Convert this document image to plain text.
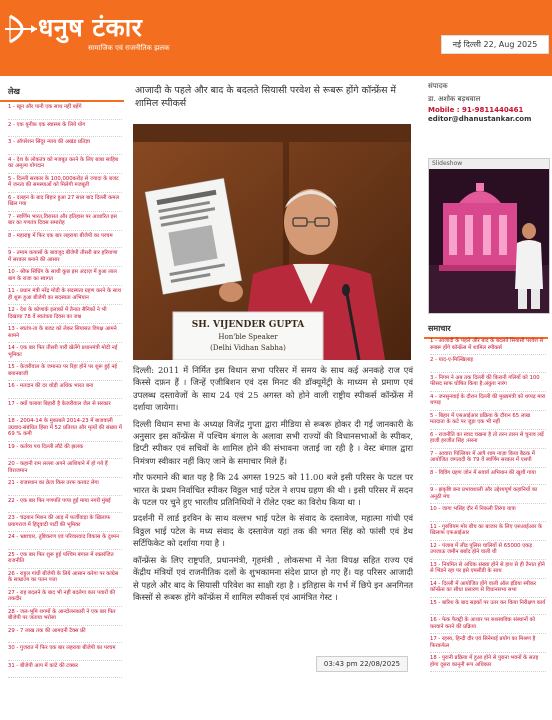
धनुष टंकार
सामाजिक एवं राजनीतिक झलक	नई दिल्ली 22, Aug 2025
लेख
1 - खून और पानी एक साथ नहीं बहेंगे
2 - एक यूनीफ़ एक स्वास्थ्य के लिये योग
3 - ऑपरेशन सिंदूर न्याय की अखंड प्रतिज्ञा
4 - देश के लोकतंत्र को मजबूत करने के लिए बाबा साहिब का अमूल्य योगदान
5 - दिल्ली सरकार के 100,000करोड़ से ज्यादा के बजट में जनता की समस्याओं को मिलेगी मजबूती
6 - दलहन के बाद बिहार हुआ 27 साल बाद दिल्ली कमल खिल गया
7 - स्वर्णिम भारत,विरासत और इतिहास पर आधारित इस बार का गणतंत्र दिवस समारोह
8 - महाराष्ट्र में फिर एक बार लहराया बीजेपी का परचम
9 - तमाम कयासों के बावजूद बीजेपी तीसरी बार हरियाणा में सरकार बनाने की आसार
10 - श्रीफ़ सिंधिंग के साथी कुछ इस अंदाज़ में हुआ लाल बाग के राजा का स्वागत
11 - प्रधान मंत्री नरेंद्र मोदी के सदस्यता ग्रहण करने के साथ ही शुरू हुआ बीजेपी का सदस्यता अभियान
12 - देश के कोणार्क इलाकों में तैनात सैनिकों ने भी दिखाया 78 वें स्वतंत्रता दिवस का जश्न
13 - स्वतंत्र-ता के बजट को लेकर सियासत विपक्ष आमने सामने
14 - एक बार फिर तीसरी पारी खेलेंगे प्रधानमंत्री मोदी नई भूमिका
15 - केजरीवाल के जमानत पर रिहा होने पर शुरू हुई नई बयानबाजी
16 - मतदान की दर थोड़ी अधिक भारत बना
17 - क्यों चलाया बिहारी है केजरीवाल जेल से सरकार
18 - 2004-14 के मुकाबले 2014-23 में बाजवाली उग्रवाद-संबंधित हिंसा में 52 प्रतिशत और मृत्यों की संख्या में 69 % कमी
19 - कर्तव्य पथ दिल्ली लौटे की झलक
20 - कहानी राम लल्ला अपने आशियाने में हो गये हैं विराजमान
21 - राजस्थान का क्रेज किस तरफ करवट लेगा
22 - एक बार फिर गणपति पप्पा हुई माया नगरी मुंबई
23 - चंद्रयान मिशन की आड़ में फर्जीवाड़ा के खिलाफ प्रयागराज में हिंदूवादी पार्टी की भूमिका
24 - भ्रष्टाचार, तुष्टिकरण एवं परिवारवाद विकास के दुश्मन
25 - एक बार फिर शुरू हुई पश्चिम बंगाल में रक्तरंजित राजनीति
26 - राहुल गांधी बीजेपी के लिये आसान करेगा पर कांग्रेस के साम्राज्य का पतन पत्ता
27 - राह बदलने के बाद भी नहीं बदलेगा कार पवारों की तकदीर
28 - जल-भूमि शगमों के आन्दोलनकारी ने एक बार फिर बीजेपी पर जताया भरोसा
29 - 7 लाख तक की आमदनी टैक्स फ्री
30 - गुजरात में फिर एक बार लहराया बीजेपी का परचम
31 - बीजेपी आप में कांटे की टक्कर
आजादी के पहले और बाद के बदलते सियासी परवेश से रूबरू होंगे कॉन्फ्रेंस में शामिल स्पीकर्स
SH. VIJENDER GUPTA
Hon'ble Speaker
(Delhi Vidhan Sabha)
दिल्ली: 2011 में निर्मित इस विधान सभा परिसर में समय के साथ कई अनकहे राज एवं किस्से दफ़न हैं । जिन्हें एजीबिशन एवं दस मिनट की डॉक्यूमेंट्री के माध्यम से प्रमाण एवं उपलब्ध दस्तावेजों के साथ 24 एवं 25 अगस्त को होने वाली राष्ट्रीय स्पीकर्स कॉन्फ्रेंस में दर्शाया जायेगा।
दिल्ली विधान सभा के अध्यक्ष विजेंद्र गुप्ता द्वारा मीडिया से रूबरू होकर दी गई जानकारी के अनुसार इस कॉन्फ्रेंस में पश्चिम बंगाल के अलावा सभी राज्यों की विधानसभाओं के स्पीकर, डिप्टी स्पीकर एवं सचिवों के शामिल होने की संभावना जताई जा रही है । वेस्ट बंगाल द्वारा निमंत्रण स्वीकार नहीं किए जाने के समाचार मिले हैं।
गौर फरमाने की बात यह है कि 24 अगस्त 1925 को 11.00 बजे इसी परिसर के पटल पर भारत के प्रथम निर्वाचित स्पीकर विठ्ठल भाई पटेल ने शपथ ग्रहण की थी । इसी परिसर में सदन के पटल पर चुने हुए भारतीय प्रतिनिधियों ने रॉलेट एक्ट का विरोध किया था ।
प्रदर्शनी में लार्ड इरविन के साथ वल्लभ भाई पटेल के संवाद के दस्तावेज, महात्मा गांधी एवं विठ्ठल भाई पटेल के मध्य संवाद के दस्तावेज यहां तक की भगत सिंह को फांसी एवं डेथ सर्टिफिकेट को दर्शाया गया है ।
कॉन्फ्रेंस के लिए राष्ट्रपति, प्रधानमंत्री, गृहमंत्री , लोकसभा में नेता विपक्ष सहित राज्य एवं केंद्रीय मंत्रियों एवं राजनीतिक दलों के शुभकामना संदेश प्राप्त हो गए हैं। यह परिसर आजादी से पहले और बाद के सियासी परिवेश का साक्षी रहा है । इतिहास के गर्भ में छिपे इन अनगिनत किस्सों से रूबरू होंगे कॉन्फ्रेंस में शामिल स्पीकर्स एवं आमंत्रित गेस्ट ।
03:43 pm 22/08/2025
संपादक
डा. अशोक बड़थवाल
Mobile : 91-9811440461
editor@dhanustankar.com
Slideshow
समाचार
1 - आजादी के पहले और बाद के बदलते सियासी परवेश से रूबरू होंगे कॉन्फ्रेंस में शामिल स्पीकर्स
2 - याद-ए-मिल्खिलाइ
3 - निगम ने अब तक दिल्ली की किरानी गलियों को 100 फीसद साफ घोषित किया है:अंकुश नारंग
4 - जनसुनवाई के दौरान दिल्ली की मुख्यमंत्री को थप्पड़ मारा थप्पड़
5 - बिहार में एसआईआर प्रक्रिया के दौरान 65 लाख मतदाता के कटे पर जुड़ा एक भी नहीं
6 - राजनीति का स्वाद चखना है तो तरन तारन से चुनाव लड़ें हाजी हरजीत सिंह :सरना
7 - आवारा पिल्लियर में आपै शाम नाज़ा किया बैठक में आयोजित जगतादी के 79 वें स्वर्णिम सरकार में एसपी
8 - विविंग ग्रहण जोन में सवार्य अभियान की खुशी गाया
9 - झंकृष्टि बना प्रभावशाली और उद्देश्यपूर्ण कहानियों का अनूठी मंच
10 - जागा भसिंह दौर में निकली तिरंगा यात्रा
11 - गुरुवियम मोर बीच का बाजार के लिए एसआईआर के खिलाफ एफआईआर
12 - पंजाब में लीड पुलिस चालियों से 65000 एकड़ उपजाऊ जमीन बर्बाद होने वाली थी
13 - नियमित से अधिक संख्या होने से हाथ से ही तैनात होने से भिंडने रहा पर इसे एमसीडी के साथ
14 - दिल्ली में आयोजित होंगे वाली ऑल इंडिया स्पीकर कॉन्फ्रेंस का सीधा प्रसारण से विधानसभा सभा
15 - बारिश के बाद सड़कों पर उतर कर किया निरीक्षण कार्य
16 - फेक फैक्ट्री के आधार पर सशस्त्रविक संस्थानों को करवाने करने की प्रक्रिया
17 - रहस्य, हिन्दी दौर एवं सिनेमाई प्रयोग का मिश्रण है फिरकफेल
18 - पुरानी प्रक्रिया में हुआ होने से पुराना भवनों के सतह होगा दूसरा कानूनी रूप अधिकार
